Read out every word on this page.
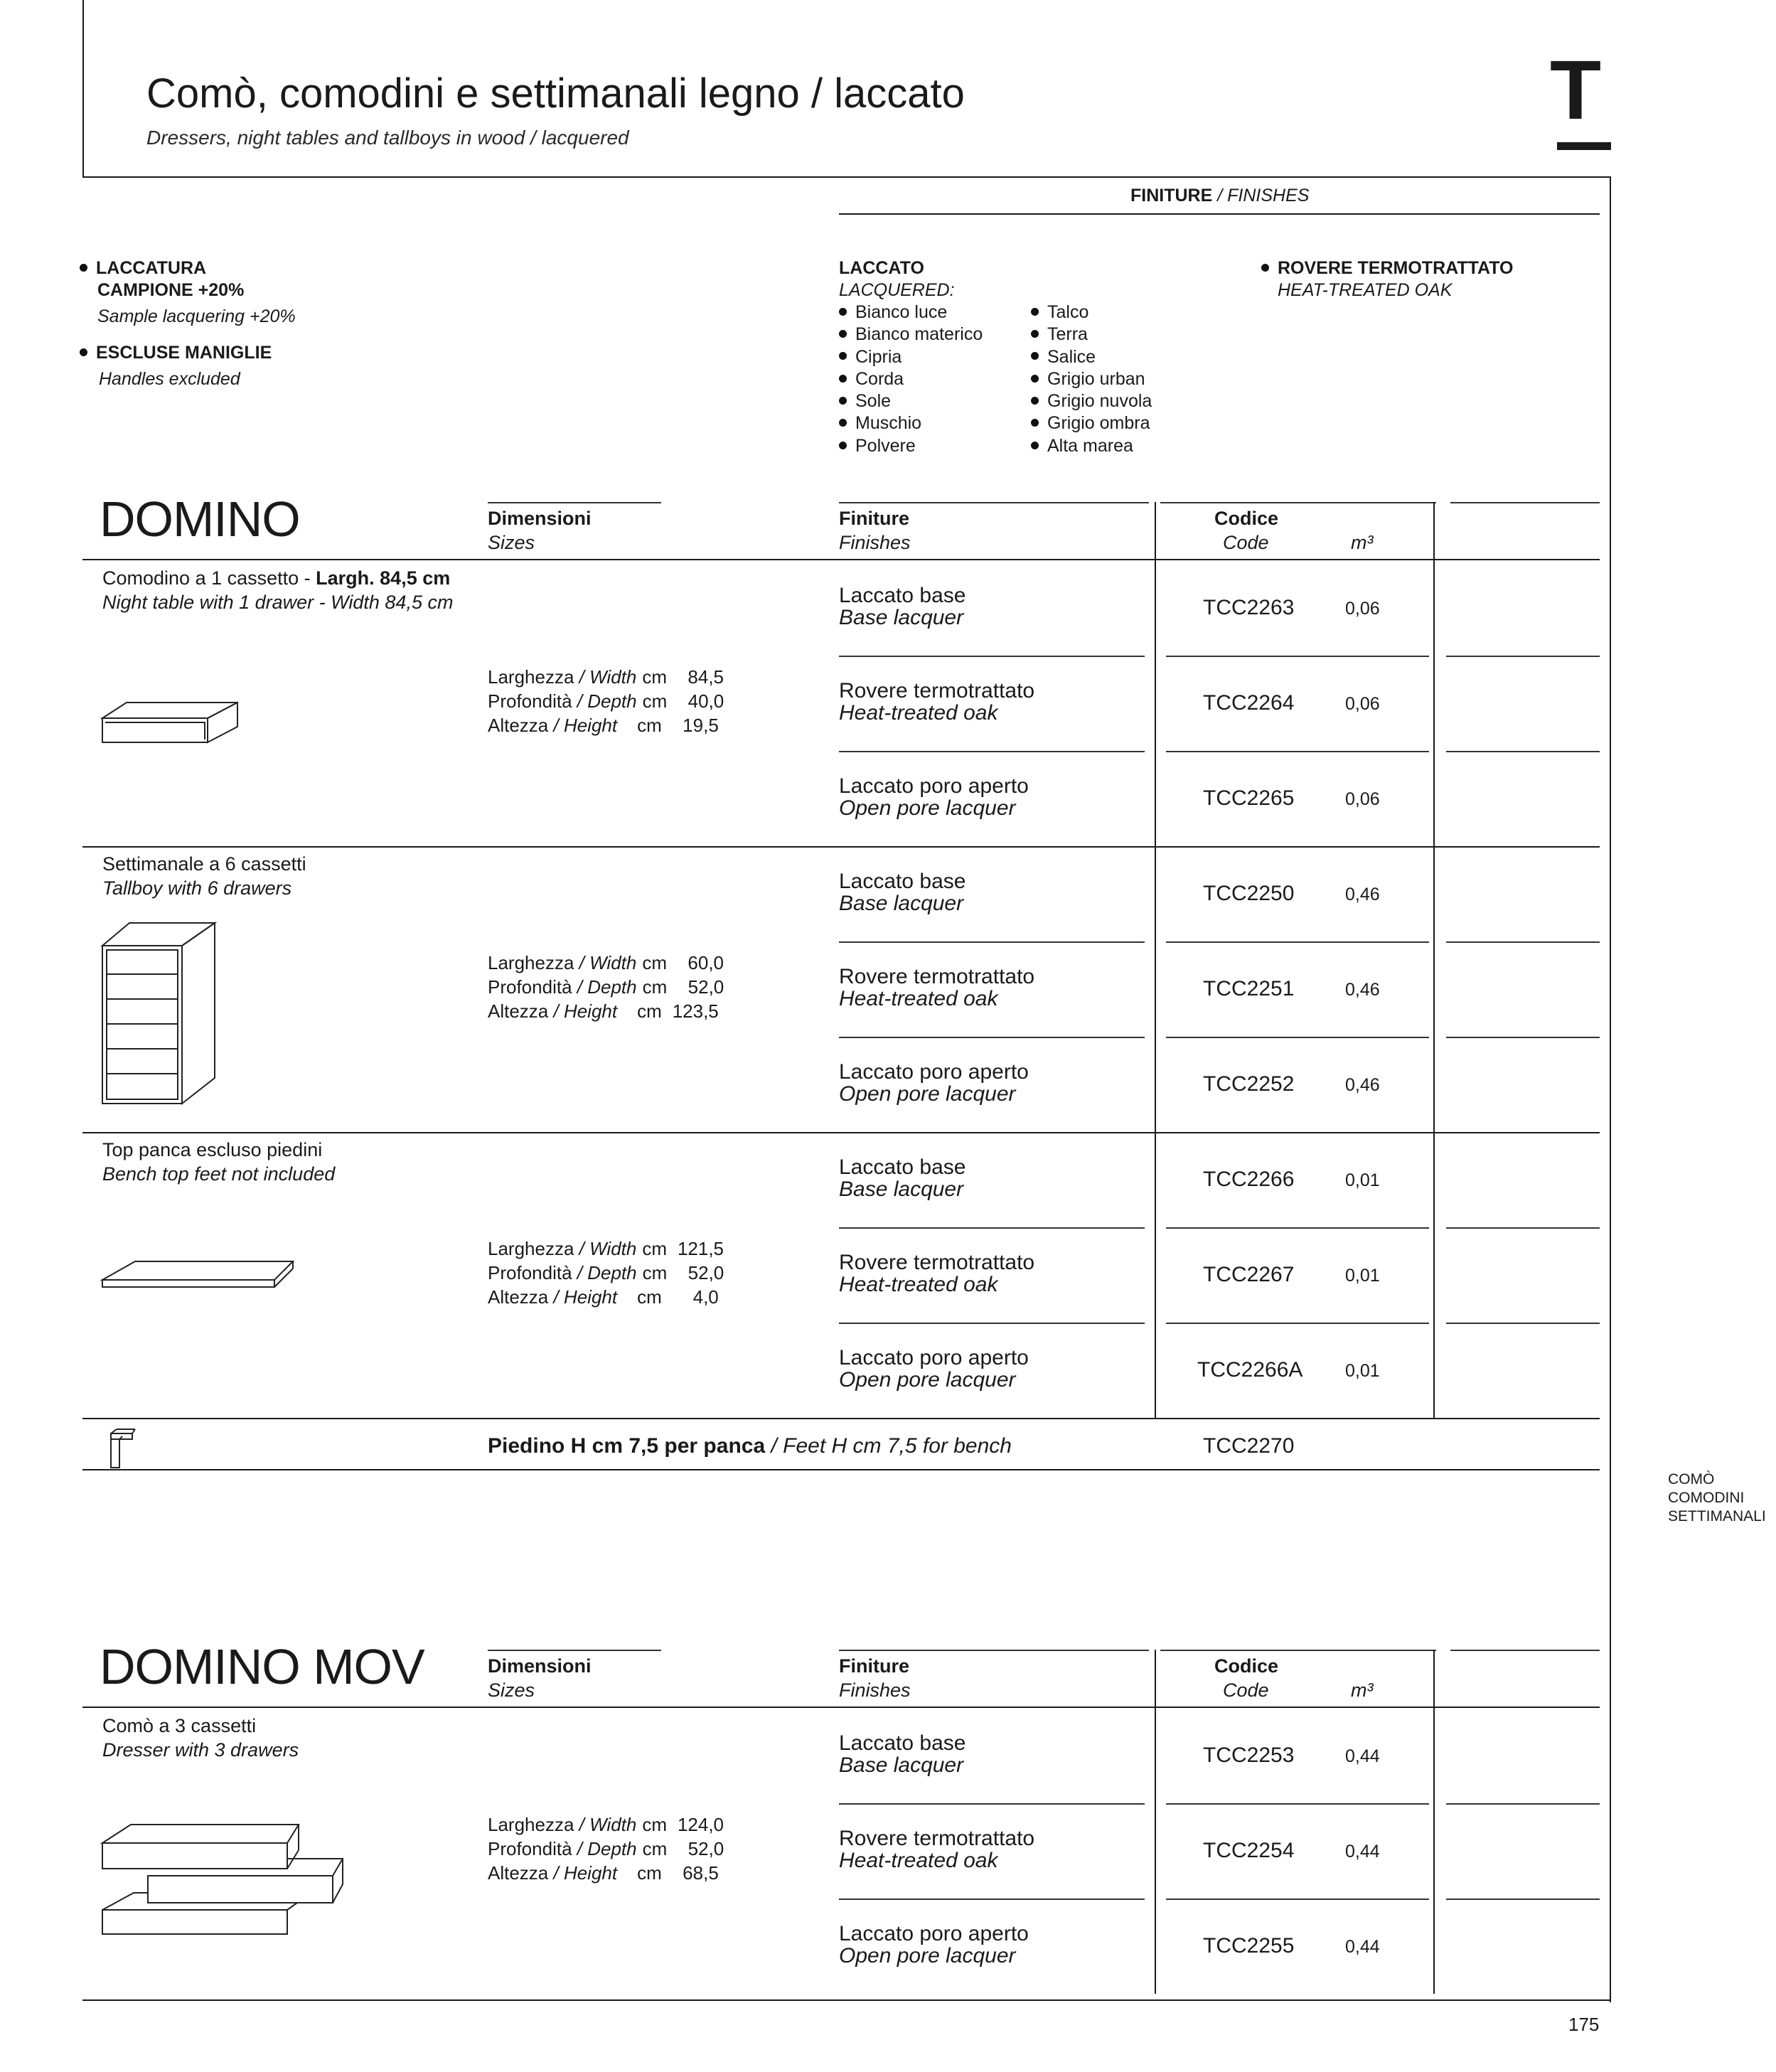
Comò, comodini e settimanali legno / laccato
Dressers, night tables and tallboys in wood / lacquered
T
FINITURE / FINISHES
LACCATURA
CAMPIONE +20%
Sample lacquering +20%
ESCLUSE MANIGLIE
Handles excluded
LACCATO
LACQUERED:
Bianco luce
Bianco materico
Cipria
Corda
Sole
Muschio
Polvere
Talco
Terra
Salice
Grigio urban
Grigio nuvola
Grigio ombra
Alta marea
ROVERE TERMOTRATTATO
HEAT-TREATED OAK
DOMINO	Dimensioni
Sizes
Finiture
Finishes
Codice
Code	m³
Comodino a 1 cassetto - Largh. 84,5 cm
Night table with 1 drawer - Width 84,5 cm
Larghezza / Width cm 84,5
Profondità / Depth cm 40,0
Altezza / Height cm 19,5
Laccato base
Base lacquer	TCC2263	0,06
Rovere termotrattato
Heat-treated oak	TCC2264	0,06
Laccato poro aperto
Open pore lacquer	TCC2265	0,06
Settimanale a 6 cassetti
Tallboy with 6 drawers
Larghezza / Width cm 60,0
Profondità / Depth cm 52,0
Altezza / Height cm 123,5
Laccato base
Base lacquer	TCC2250	0,46
Rovere termotrattato
Heat-treated oak	TCC2251	0,46
Laccato poro aperto
Open pore lacquer	TCC2252	0,46
Top panca escluso piedini
Bench top feet not included
Larghezza / Width cm 121,5
Profondità / Depth cm 52,0
Altezza / Height cm 4,0
Laccato base
Base lacquer	TCC2266	0,01
Rovere termotrattato
Heat-treated oak	TCC2267	0,01
Laccato poro aperto
Open pore lacquer	TCC2266A 0,01
Piedino H cm 7,5 per panca / Feet H cm 7,5 for bench	TCC2270
COMÒ
COMODINI
SETTIMANALI
DOMINO MOV	Dimensioni
Sizes
Finiture
Finishes
Codice
Code	m³
Comò a 3 cassetti
Dresser with 3 drawers
Larghezza / Width cm 124,0
Profondità / Depth cm 52,0
Altezza / Height cm 68,5
Laccato base
Base lacquer	TCC2253	0,44
Rovere termotrattato
Heat-treated oak	TCC2254	0,44
Laccato poro aperto
Open pore lacquer	TCC2255	0,44
175
